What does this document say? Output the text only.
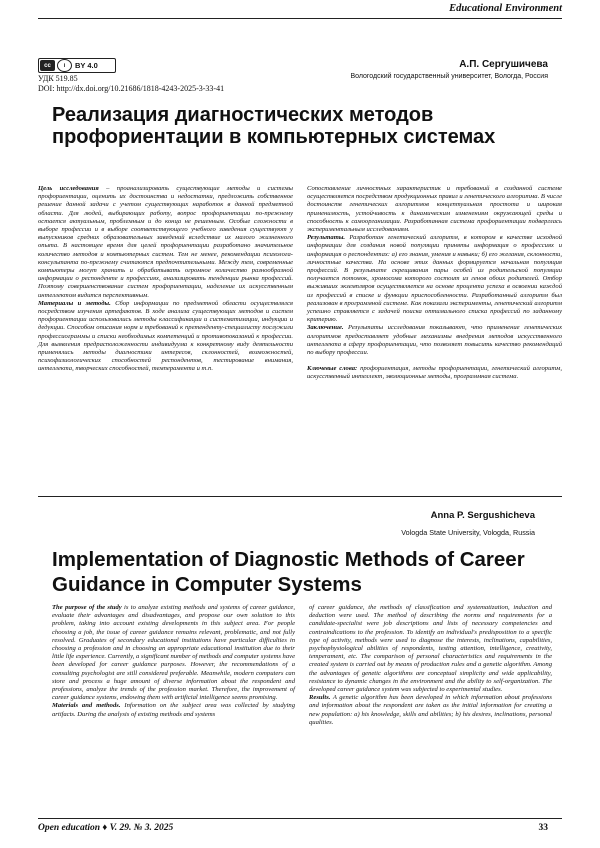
Educational Environment
cc	i	BY 4.0
УДК 519.85
DOI: http://dx.doi.org/10.21686/1818-4243-2025-3-33-41
А.П. Сергушичева
Вологодский государственный университет, Вологда, Россия
Реализация диагностических методов профориентации в компьютерных системах

Цель исследования – проанализировать существующие методы и системы профориентации, оценить их достоинства и недостатки, предложить собственное решение данной задачи с учетом существующих наработок в данной предметной области. Для людей, выбирающих работу, вопрос профориентации по-прежнему остается актуальным, проблемным и до конца не решенным. Особые сложности в выборе профессии и в выборе соответствующего учебного заведения существуют у выпускников средних образовательных заведений вследствие их малого жизненного опыта. В настоящее время для целей профориентации разработано значительное количество методов и компьютерных систем. Тем не менее, рекомендации психолога-консультанта по-прежнему считаются предпочтительными. Между тем, современные компьютеры могут хранить и обрабатывать огромное количество разнообразной информации о респонденте и профессиях, анализировать тенденции рынка профессий. Поэтому совершенствование систем профориентации, наделение их искусственным интеллектом видится перспективным.

Материалы и методы. Сбор информации по предметной области осуществлялся посредством изучения артефактов. В ходе анализа существующих методов и систем профориентации использовались методы классификации и систематизации, индукции и дедукции. Способом описания норм и требований к претенденту-специалисту послужили профессиограммы и списки необходимых компетенций и противопоказаний к профессии. Для выявления предрасположенности индивидуума к конкретному виду деятельности применялись методы диагностики интересов, склонностей, возможностей, психофизиологических способностей респондентов, тестирование внимания, интеллекта, творческих способностей, темперамента и т.п.

Сопоставление личностных характеристик и требований в созданной системе осуществляется посредством продукционных правил и генетического алгоритма. В числе достоинств генетических алгоритмов концептуальная простота и широкая применимость, устойчивость к динамическим изменениям окружающей среды и способность к самоорганизации. Разработанная система профориентации подверглась экспериментальным исследованиям.

Результаты. Разработан генетический алгоритм, в котором в качестве исходной информации для создания новой популяции приняты информация о профессиях и информация о респондентах: а) его знания, умения и навыки; б) его желания, склонности, личностные качества. На основе этих данных формируется начальная популяция профессий. В результате скрещивания пары особей из родительской популяции получается потомок, хромосома которого состоит из генов обоих родителей. Отбор выживших экземпляров осуществляется на основе процента успеха в освоении каждой из профессий в списке и функции приспособленности. Разработанный алгоритм был реализован в программной системе. Как показали эксперименты, генетический алгоритм успешно справляется с задачей поиска оптимального списка профессий по заданному критерию.

Заключение. Результаты исследования показывают, что применение генетических алгоритмов предоставляет удобные механизмы внедрения методов искусственного интеллекта в сферу профориентации, что позволяет повысить качество рекомендаций по выбору профессии.

Ключевые слова: профориентация, методы профориентации, генетический алгоритм, искусственный интеллект, эволюционные методы, программная система.

Anna P. Sergushicheva
Vologda State University, Vologda, Russia
Implementation of Diagnostic Methods of Career Guidance in Computer Systems

The purpose of the study is to analyze existing methods and systems of career guidance, evaluate their advantages and disadvantages, and propose our own solution to this problem, taking into account existing developments in this subject area. For people choosing a job, the issue of career guidance remains relevant, problematic, and not fully resolved. Graduates of secondary educational institutions have particular difficulties in choosing a profession and in choosing an appropriate educational institution due to their little life experience. Currently, a significant number of methods and computer systems have been developed for career guidance purposes. However, the recommendations of a consulting psychologist are still considered preferable. Meanwhile, modern computers can store and process a huge amount of diverse information about the respondent and professions, analyze the trends of the profession market. Therefore, the improvement of career guidance systems, endowing them with artificial intelligence seems promising.

Materials and methods. Information on the subject area was collected by studying artifacts. During the analysis of existing methods and systems

of career guidance, the methods of classification and systematization, induction and deduction were used. The method of describing the norms and requirements for a candidate-specialist were job descriptions and lists of necessary competencies and contraindications to the profession. To identify an individual's predisposition to a specific type of activity, methods were used to diagnose the interests, inclinations, capabilities, psychophysiological abilities of respondents, testing attention, intelligence, creativity, temperament, etc. The comparison of personal characteristics and requirements in the created system is carried out by means of production rules and a genetic algorithm. Among the advantages of genetic algorithms are conceptual simplicity and wide applicability, resistance to dynamic changes in the environment and the ability to self-organization. The developed career guidance system was subjected to experimental studies.

Results. A genetic algorithm has been developed in which information about professions and information about the respondent are taken as the initial information for creating a new population: a) his knowledge, skills and abilities; b) his desires, inclinations, personal qualities.

Open education ♦ V. 29. № 3. 2025	33
